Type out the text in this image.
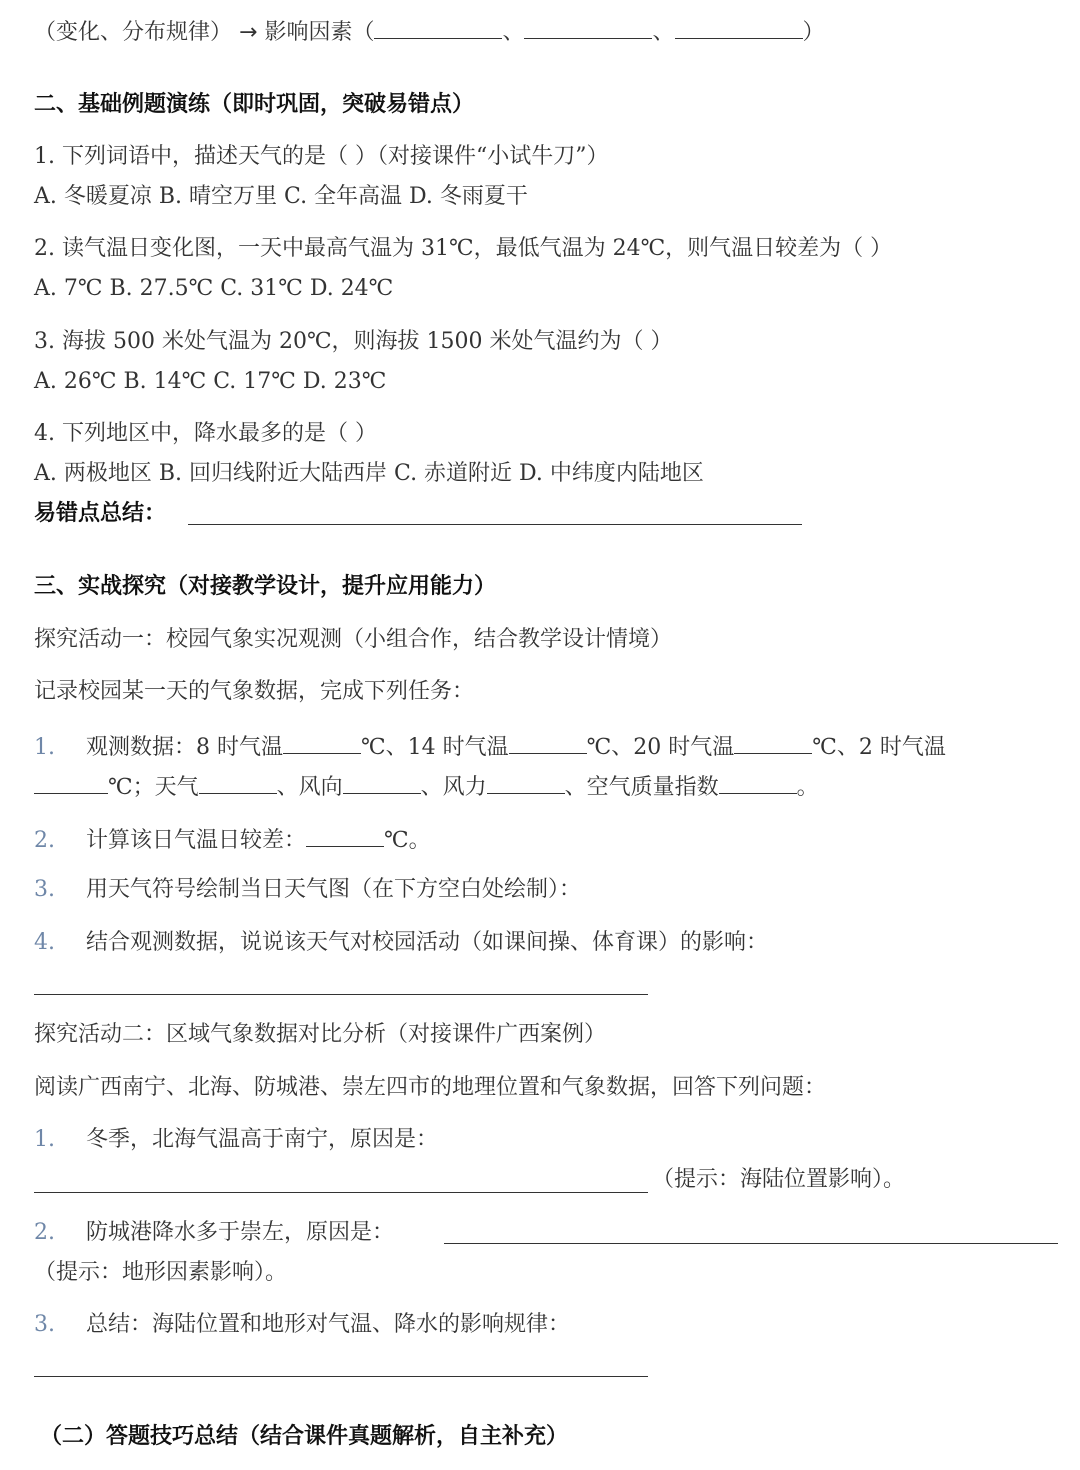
（变化、分布规律） → 影响因素（	、	、	）
二、基础例题演练（即时巩固，突破易错点）
1. 下列词语中，描述天气的是（ ）（对接课件“小试牛刀”）
A. 冬暖夏凉 B. 晴空万里 C. 全年高温 D. 冬雨夏干
2. 读气温日变化图，一天中最高气温为 31℃，最低气温为 24℃，则气温日较差为（ ）
A. 7℃ B. 27.5℃ C. 31℃ D. 24℃
3. 海拔 500 米处气温为 20℃，则海拔 1500 米处气温约为（ ）
A. 26℃ B. 14℃ C. 17℃ D. 23℃
4. 下列地区中，降水最多的是（ ）
A. 两极地区 B. 回归线附近大陆西岸 C. 赤道附近 D. 中纬度内陆地区
易错点总结：
三、实战探究（对接教学设计，提升应用能力）
探究活动一：校园气象实况观测（小组合作，结合教学设计情境）
记录校园某一天的气象数据，完成下列任务：
1. 观测数据：8 时气温	℃、14 时气温	℃、20 时气温	℃、2 时气温
℃；天气	、风向	、风力	、空气质量指数	。
2. 计算该日气温日较差：	℃。
3. 用天气符号绘制当日天气图（在下方空白处绘制）：
4. 结合观测数据，说说该天气对校园活动（如课间操、体育课）的影响：
探究活动二：区域气象数据对比分析（对接课件广西案例）
阅读广西南宁、北海、防城港、崇左四市的地理位置和气象数据，回答下列问题：
1. 冬季，北海气温高于南宁，原因是：
（提示：海陆位置影响）。
2. 防城港降水多于崇左，原因是：
（提示：地形因素影响）。
3. 总结：海陆位置和地形对气温、降水的影响规律：
（二）答题技巧总结（结合课件真题解析，自主补充）
